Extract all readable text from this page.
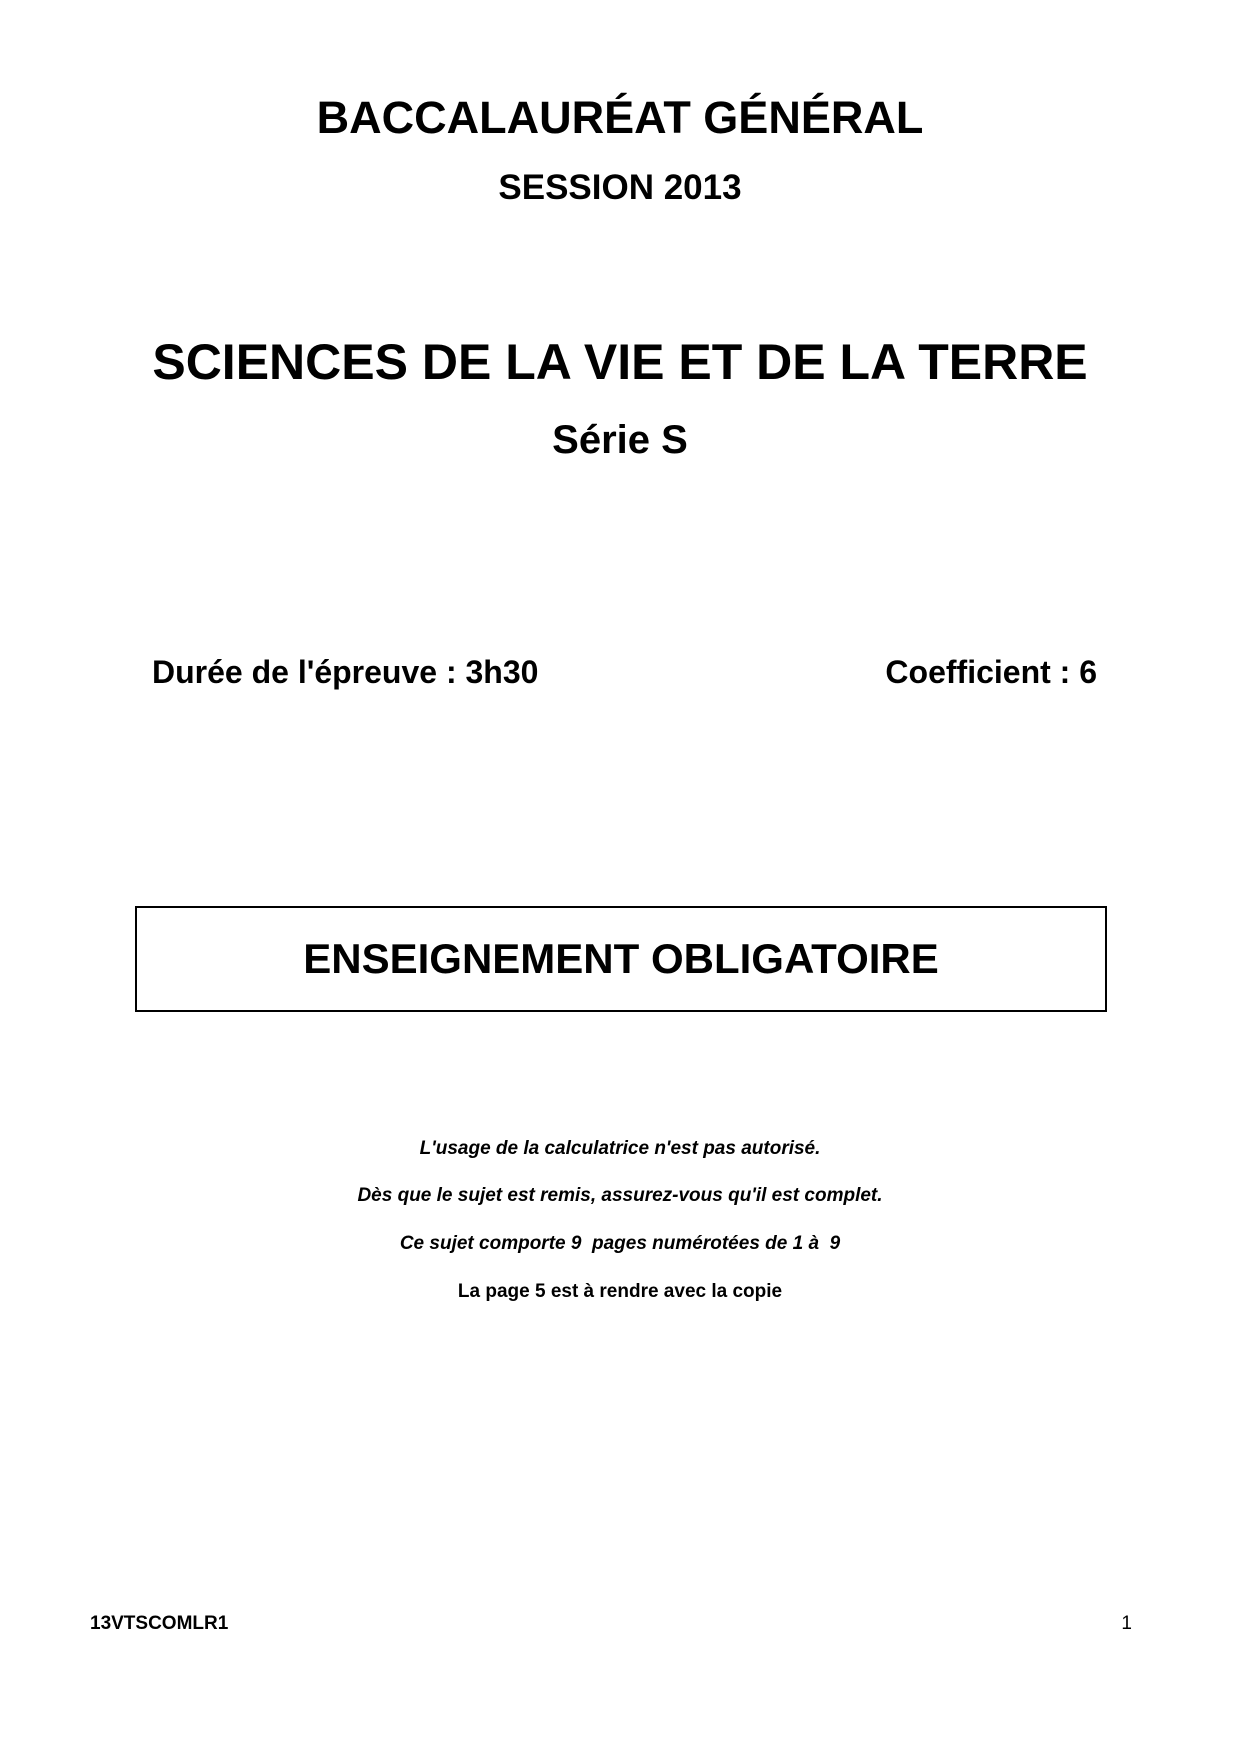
BACCALAURÉAT GÉNÉRAL
SESSION 2013
SCIENCES DE LA VIE ET DE LA TERRE
Série S
Durée de l'épreuve : 3h30	Coefficient : 6
ENSEIGNEMENT OBLIGATOIRE

L'usage de la calculatrice n'est pas autorisé.

Dès que le sujet est remis, assurez-vous qu'il est complet.

Ce sujet comporte 9  pages numérotées de 1 à  9

La page 5 est à rendre avec la copie

13VTSCOMLR1	1
